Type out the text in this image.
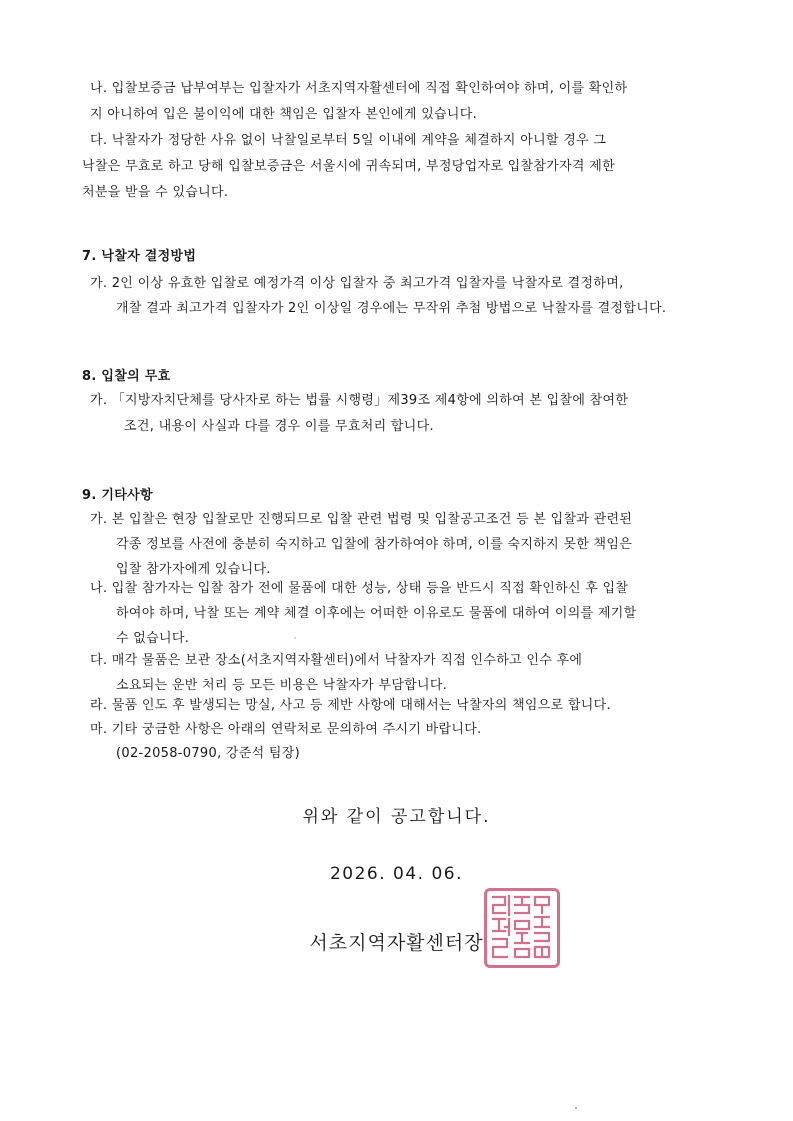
나. 입찰보증금 납부여부는 입찰자가 서초지역자활센터에 직접 확인하여야 하며, 이를 확인하
지 아니하여 입은 불이익에 대한 책임은 입찰자 본인에게 있습니다.
다. 낙찰자가 정당한 사유 없이 낙찰일로부터 5일 이내에 계약을 체결하지 아니할 경우 그
낙찰은 무효로 하고 당해 입찰보증금은 서울시에 귀속되며, 부정당업자로 입찰참가자격 제한
처분을 받을 수 있습니다.
7. 낙찰자 결정방법
가. 2인 이상 유효한 입찰로 예정가격 이상 입찰자 중 최고가격 입찰자를 낙찰자로 결정하며,
개찰 결과 최고가격 입찰자가 2인 이상일 경우에는 무작위 추첨 방법으로 낙찰자를 결정합니다.
8. 입찰의 무효
가. 「지방자치단체를 당사자로 하는 법률 시행령」제39조 제4항에 의하여 본 입찰에 참여한
조건, 내용이 사실과 다를 경우 이를 무효처리 합니다.
9. 기타사항
가. 본 입찰은 현장 입찰로만 진행되므로 입찰 관련 법령 및 입찰공고조건 등 본 입찰과 관련된
각종 정보를 사전에 충분히 숙지하고 입찰에 참가하여야 하며, 이를 숙지하지 못한 책임은
입찰 참가자에게 있습니다.
나. 입찰 참가자는 입찰 참가 전에 물품에 대한 성능, 상태 등을 반드시 직접 확인하신 후 입찰
하여야 하며, 낙찰 또는 계약 체결 이후에는 어떠한 이유로도 물품에 대하여 이의를 제기할
수 없습니다.
다. 매각 물품은 보관 장소(서초지역자활센터)에서 낙찰자가 직접 인수하고 인수 후에
소요되는 운반 처리 등 모든 비용은 낙찰자가 부담합니다.
라. 물품 인도 후 발생되는 망실, 사고 등 제반 사항에 대해서는 낙찰자의 책임으로 합니다.
마. 기타 궁금한 사항은 아래의 연락처로 문의하여 주시기 바랍니다.
(02-2058-0790, 강준석 팀장)
위와 같이 공고합니다.
2026. 04. 06.
서초지역자활센터장
